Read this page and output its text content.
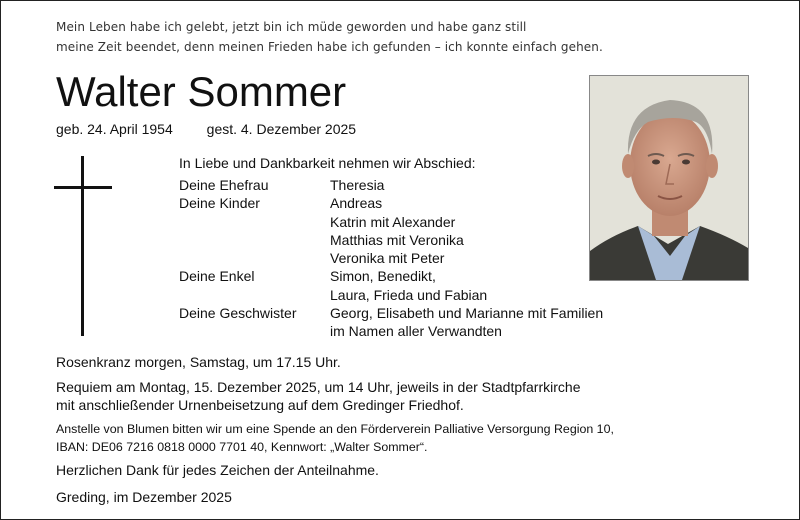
Mein Leben habe ich gelebt, jetzt bin ich müde geworden und habe ganz still
meine Zeit beendet, denn meinen Frieden habe ich gefunden – ich konnte einfach gehen.
Walter Sommer
geb. 24. April 1954 gest. 4. Dezember 2025
In Liebe und Dankbarkeit nehmen wir Abschied:
Deine Ehefrau	Theresia
Deine Kinder	Andreas
Katrin mit Alexander
Matthias mit Veronika
Veronika mit Peter
Deine Enkel	Simon, Benedikt,
Laura, Frieda und Fabian
Deine Geschwister	Georg, Elisabeth und Marianne mit Familien
im Namen aller Verwandten
Rosenkranz morgen, Samstag, um 17.15 Uhr.
Requiem am Montag, 15. Dezember 2025, um 14 Uhr, jeweils in der Stadtpfarrkirche
mit anschließender Urnenbeisetzung auf dem Gredinger Friedhof.
Anstelle von Blumen bitten wir um eine Spende an den Förderverein Palliative Versorgung Region 10,
IBAN: DE06 7216 0818 0000 7701 40, Kennwort: „Walter Sommer“.
Herzlichen Dank für jedes Zeichen der Anteilnahme.
Greding, im Dezember 2025
